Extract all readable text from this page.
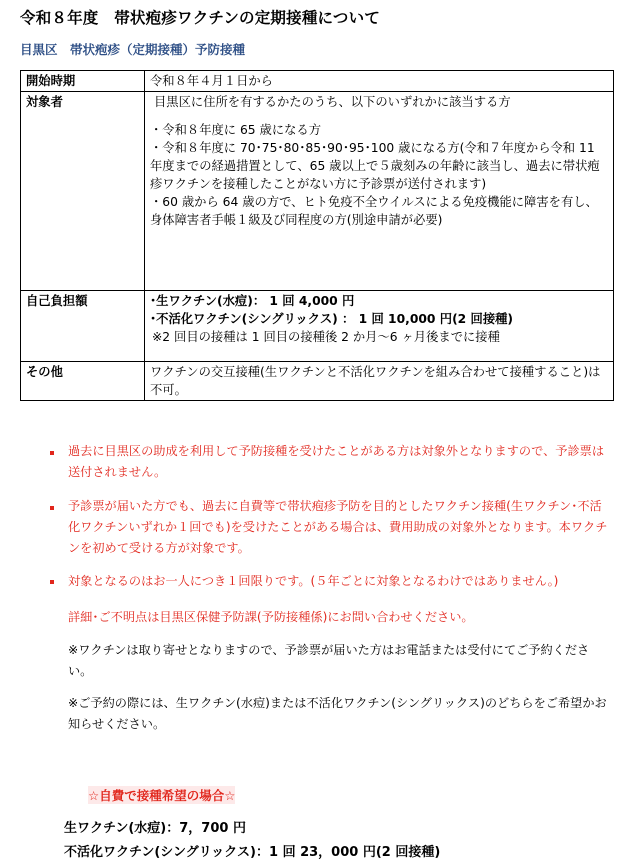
令和８年度　帯状疱疹ワクチンの定期接種について
目黒区　帯状疱疹（定期接種）予防接種
開始時期	令和８年４月１日から
対象者	目黒区に住所を有するかたのうち、以下のいずれかに該当する方
・令和８年度に 65 歳になる方
・令和８年度に 70･75･80･85･90･95･100 歳になる方(令和７年度から令和 11 年度までの経過措置として、65 歳以上で５歳刻みの年齢に該当し、過去に帯状疱疹ワクチンを接種したことがない方に予診票が送付されます)
・60 歳から 64 歳の方で、ヒト免疫不全ウイルスによる免疫機能に障害を有し、身体障害者手帳１級及び同程度の方(別途申請が必要)

自己負担額	･生ワクチン(水痘)： 1 回 4,000 円
･不活化ワクチン(シングリックス) ： 1 回 10,000 円(2 回接種)
※2 回目の接種は 1 回目の接種後 2 か月～6 ヶ月後までに接種

その他	ワクチンの交互接種(生ワクチンと不活化ワクチンを組み合わせて接種すること)は不可。
過去に目黒区の助成を利用して予防接種を受けたことがある方は対象外となりますので、予診票は送付されません。
予診票が届いた方でも、過去に自費等で帯状疱疹予防を目的としたワクチン接種(生ワクチン･不活化ワクチンいずれか１回でも)を受けたことがある場合は、費用助成の対象外となります。本ワクチンを初めて受ける方が対象です。
対象となるのはお一人につき１回限りです。(５年ごとに対象となるわけではありません。)
詳細･ご不明点は目黒区保健予防課(予防接種係)にお問い合わせください。
※ワクチンは取り寄せとなりますので、予診票が届いた方はお電話または受付にてご予約ください。
※ご予約の際には、生ワクチン(水痘)または不活化ワクチン(シングリックス)のどちらをご希望かお知らせください。
☆自費で接種希望の場合☆
生ワクチン(水痘)：7，700 円
不活化ワクチン(シングリックス)：1 回 23，000 円(2 回接種)
